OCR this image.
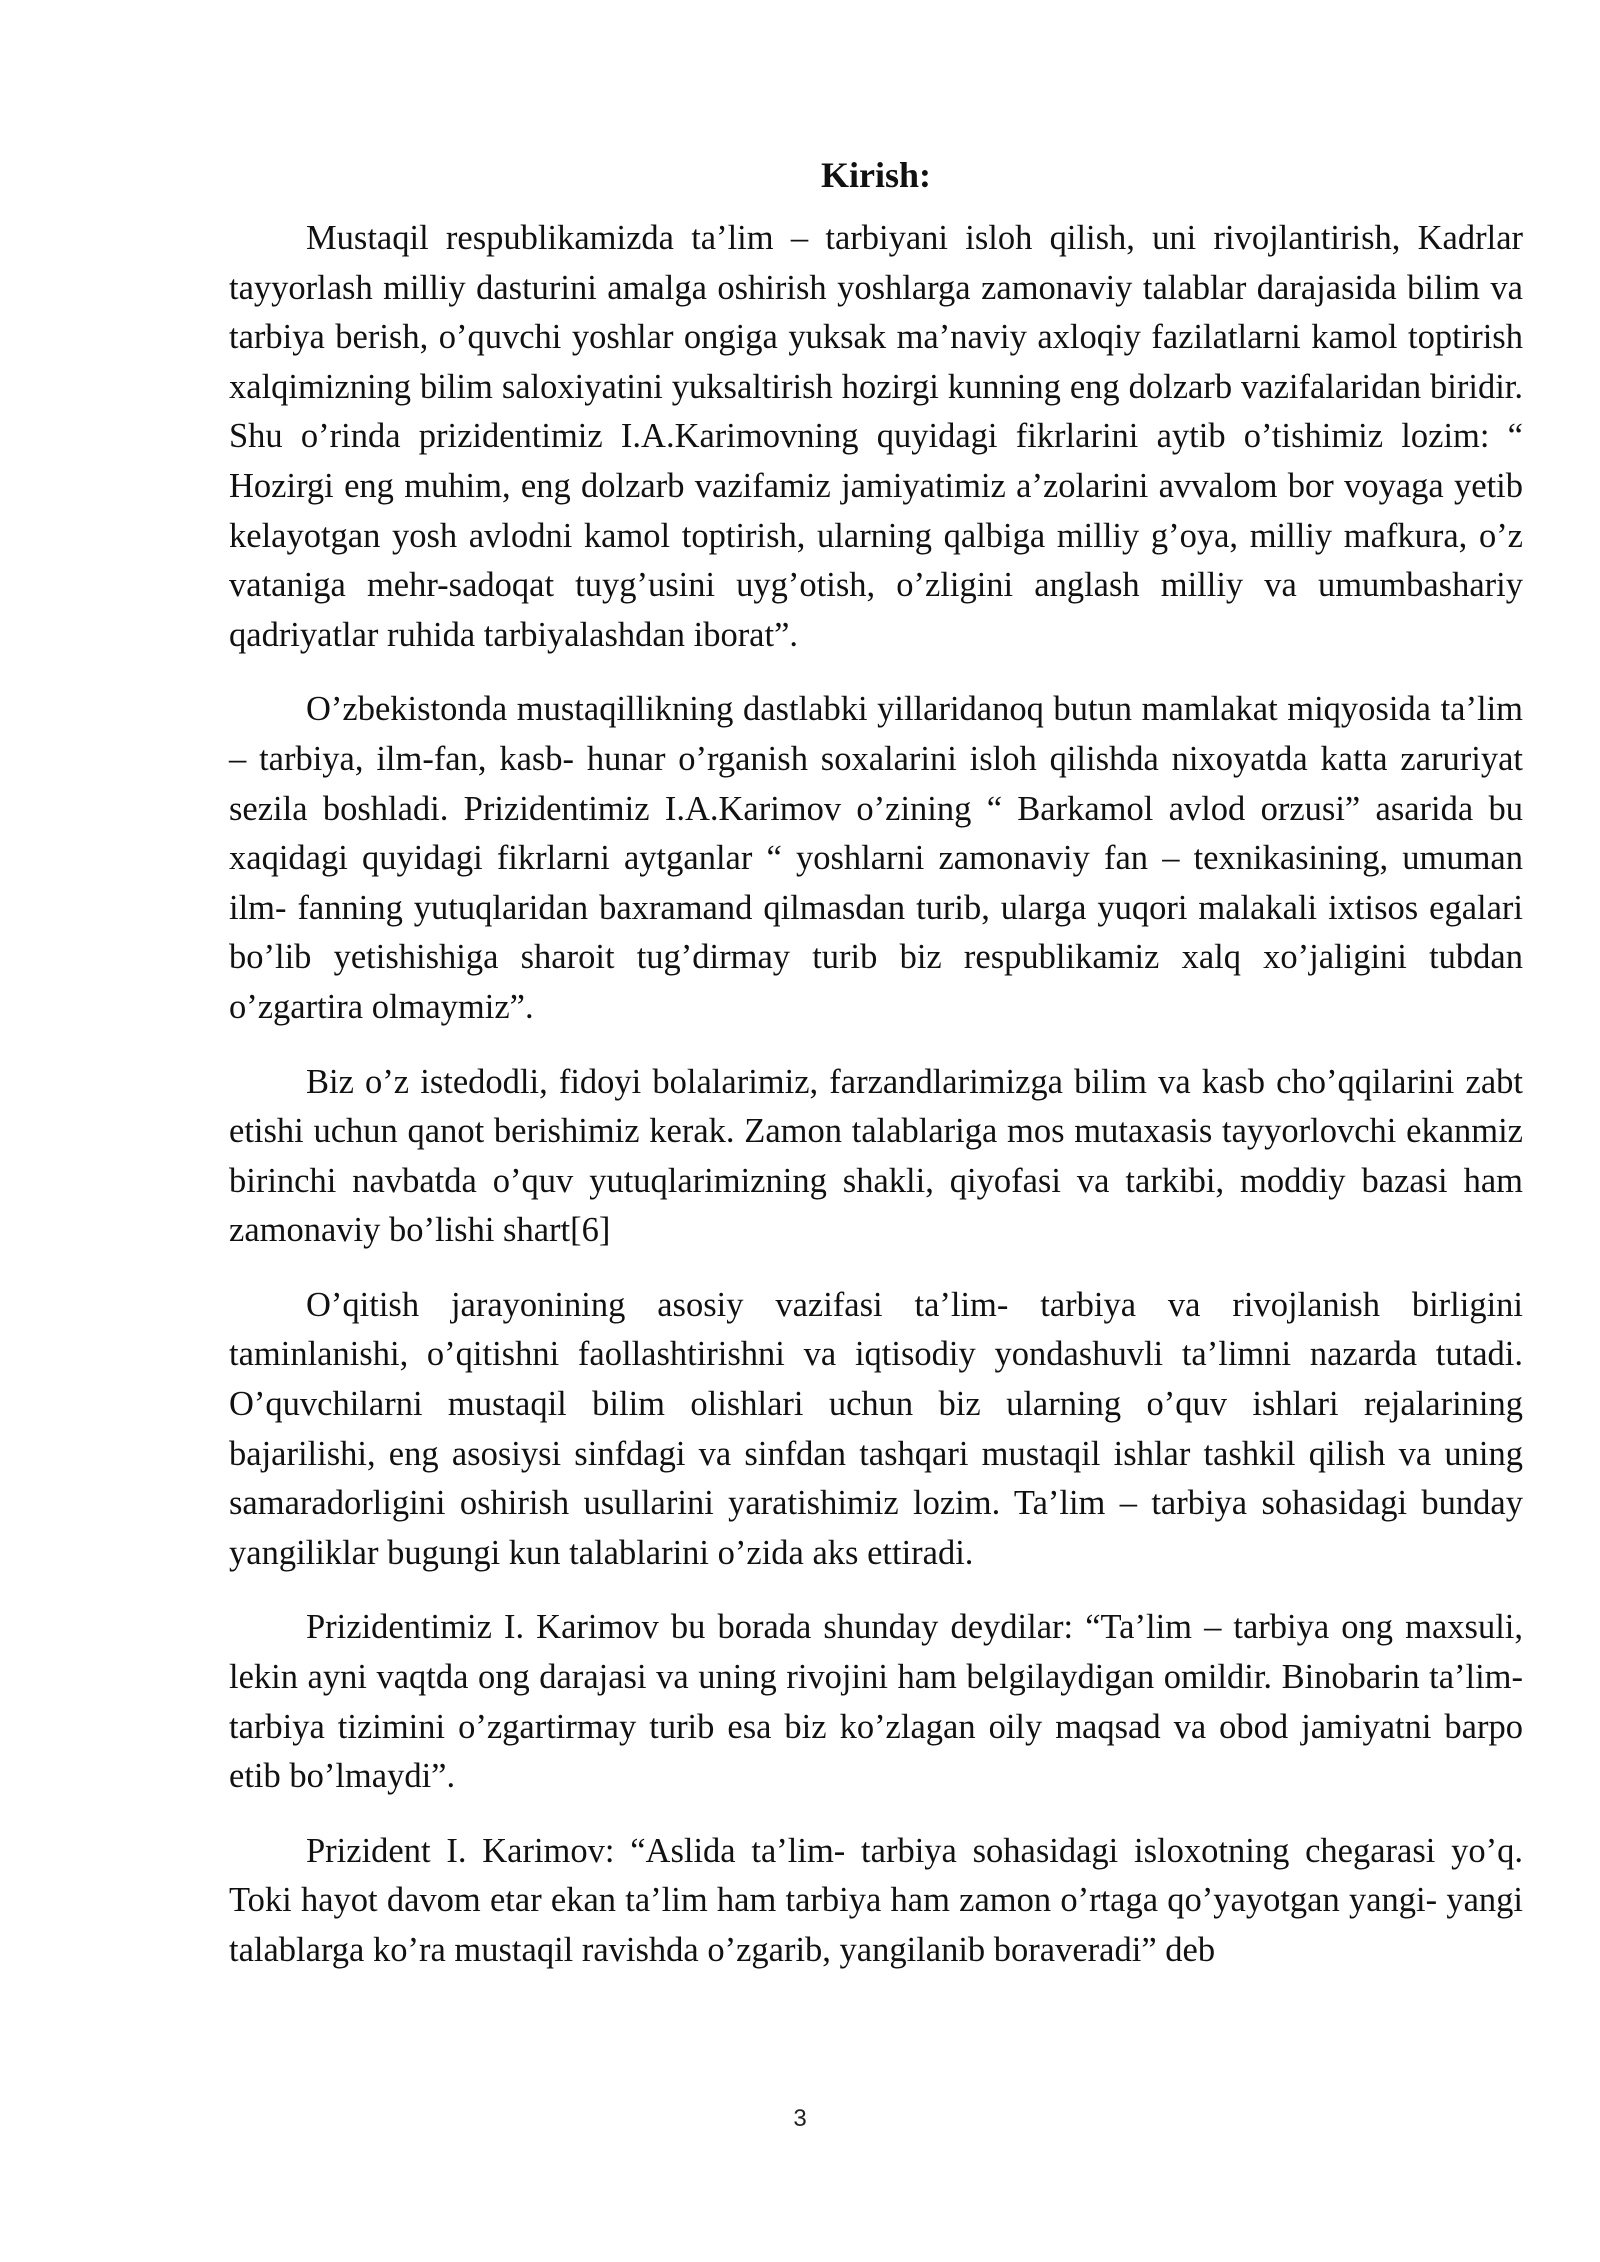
Kirish:

Mustaqil respublikamizda ta’lim – tarbiyani isloh qilish, uni rivojlantirish, Kadrlar tayyorlash milliy dasturini amalga oshirish yoshlarga zamonaviy talablar darajasida bilim va tarbiya berish, o’quvchi yoshlar ongiga yuksak ma’naviy axloqiy fazilatlarni kamol toptirish xalqimizning bilim saloxiyatini yuksaltirish hozirgi kunning eng dolzarb vazifalaridan biridir. Shu o’rinda prizidentimiz I.A.Karimovning quyidagi fikrlarini aytib o’tishimiz lozim: “ Hozirgi eng muhim, eng dolzarb vazifamiz jamiyatimiz a’zolarini avvalom bor voyaga yetib kelayotgan yosh avlodni kamol toptirish, ularning qalbiga milliy g’oya, milliy mafkura, o’z vataniga mehr-sadoqat tuyg’usini uyg’otish, o’zligini anglash milliy va umumbashariy qadriyatlar ruhida tarbiyalashdan iborat”.

O’zbekistonda mustaqillikning dastlabki yillaridanoq butun mamlakat miqyosida ta’lim – tarbiya, ilm-fan, kasb- hunar o’rganish soxalarini isloh qilishda nixoyatda katta zaruriyat sezila boshladi. Prizidentimiz I.A.Karimov o’zining “ Barkamol avlod orzusi” asarida bu xaqidagi quyidagi fikrlarni aytganlar “ yoshlarni zamonaviy fan – texnikasining, umuman ilm- fanning yutuqlaridan baxramand qilmasdan turib, ularga yuqori malakali ixtisos egalari bo’lib yetishishiga sharoit tug’dirmay turib biz respublikamiz xalq xo’jaligini tubdan o’zgartira olmaymiz”.

Biz o’z istedodli, fidoyi bolalarimiz, farzandlarimizga bilim va kasb cho’qqilarini zabt etishi uchun qanot berishimiz kerak. Zamon talablariga mos mutaxasis tayyorlovchi ekanmiz birinchi navbatda o’quv yutuqlarimizning shakli, qiyofasi va tarkibi, moddiy bazasi ham zamonaviy bo’lishi shart[6]

O’qitish jarayonining asosiy vazifasi ta’lim- tarbiya va rivojlanish birligini taminlanishi, o’qitishni faollashtirishni va iqtisodiy yondashuvli ta’limni nazarda tutadi. O’quvchilarni mustaqil bilim olishlari uchun biz ularning o’quv ishlari rejalarining bajarilishi, eng asosiysi sinfdagi va sinfdan tashqari mustaqil ishlar tashkil qilish va uning samaradorligini oshirish usullarini yaratishimiz lozim. Ta’lim – tarbiya sohasidagi bunday yangiliklar bugungi kun talablarini o’zida aks ettiradi.

Prizidentimiz I. Karimov bu borada shunday deydilar: “Ta’lim – tarbiya ong maxsuli, lekin ayni vaqtda ong darajasi va uning rivojini ham belgilaydigan omildir. Binobarin ta’lim- tarbiya tizimini o’zgartirmay turib esa biz ko’zlagan oily maqsad va obod jamiyatni barpo etib bo’lmaydi”.

Prizident I. Karimov: “Aslida ta’lim- tarbiya sohasidagi isloxotning chegarasi yo’q. Toki hayot davom etar ekan ta’lim ham tarbiya ham zamon o’rtaga qo’yayotgan yangi- yangi talablarga ko’ra mustaqil ravishda o’zgarib, yangilanib boraveradi” deb

3
